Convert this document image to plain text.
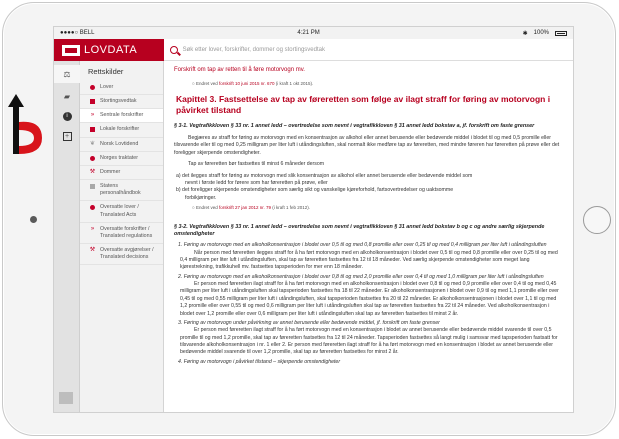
●●●●○ BELL	4:21 PM	✱ 100%
LOVDATA	Søk etter lover, forskrifter, dommer og stortingsvedtak
⚖
▰
i
+
Rettskilder
Lover
Stortingsvedtak
»	Sentrale forskrifter
Lokale forskrifter
❦ Norsk Lovtidend
Norges traktater
⚒ Dommer
Statens personalhåndbok
Oversatte lover / Translated Acts
»	Oversatte forskrifter / Translated regulations
⚒ Oversatte avgjørelser / Translated decisions
Forskrift om tap av retten til å føre motorvogn mv.
○ Endret ved forskrift 10 juni 2015 nr. 670 (i kraft 1 okt 2015).
Kapittel 3. Fastsettelse av tap av føreretten som følge av ilagt straff for føring av motorvogn i påvirket tilstand
§ 3-1. Vegtrafikkloven § 33 nr. 1 annet ledd – overtredelse som nevnt i vegtrafikkloven § 31 annet ledd bokstav a, jf. forskrift om faste grenser
Begjæres av straff for føring av motorvogn med en konsentrasjon av alkohol eller annet berusende eller bedøvende middel i blodet til og med 0,5 promille eller tilsvarende eller til og med 0,25 milligram per liter luft i utåndingsluften, skal normalt ikke medføre tap av føreretten, med mindre føreren har føreretten på prøve eller det foreligger skjerpende omstendigheter.
Tap av føreretten bør fastsettes til minst 6 måneder dersom
a) det ilegges straff for føring av motorvogn med slik konsentrasjon av alkohol eller annet berusende eller bedøvende middel som
nevnt i første ledd for førere som har føreretten på prøve, eller
b) det foreligger skjerpende omstendigheter som særlig sikt og vanskelige kjøreforhold, fartsovertredelser og uaktsomme
forbikjøringer.
○ Endret ved forskrift 27 jan 2012 nr. 79 (i kraft 1 feb 2012).
§ 3-2. Vegtrafikkloven § 33 nr. 1 annet ledd – overtredelse som nevnt i vegtrafikkloven § 31 annet ledd bokstav b og c og andre særlig skjerpende omstendigheter
1. Føring av motorvogn med en alkoholkonsentrasjon i blodet over 0,5 til og med 0,8 promille eller over 0,25 til og med 0,4 milligram per liter luft i utåndingsluften
Når person med føreretten ilegges straff for å ha ført motorvogn med en alkoholkonsentrasjon i blodet over 0,5 til og med 0,8 promille eller over 0,25 til og med 0,4 milligram per liter luft i utåndingsluften, skal tap av føreretten fastsettes fra 12 til 18 måneder. Ved særlig skjerpende omstendigheter som meget lang kjørestrekning, trafikkuhell mv. fastsettes tapsperioden for mer enn 18 måneder.
2. Føring av motorvogn med en alkoholkonsentrasjon i blodet over 0,8 til og med 2,0 promille eller over 0,4 til og med 1,0 milligram per liter luft i utåndingsluften
Er person med føreretten ilagt straff for å ha ført motorvogn med en alkoholkonsentrasjon i blodet over 0,8 til og med 0,9 promille eller over 0,4 til og med 0,45 milligram per liter luft i utåndingsluften skal tapsperioden fastsettes fra 18 til 22 måneder. Er alkoholkonsentrasjonen i blodet over 0,9 til og med 1,1 promille eller over 0,45 til og med 0,55 milligram per liter luft i utåndingsluften, skal tapsperioden fastsettes fra 20 til 22 måneder. Er alkoholkonsentrasjonen i blodet over 1,1 til og med 1,2 promille eller over 0,55 til og med 0,6 milligram per liter luft i utåndingsluften skal tap av føreretten fastsettes fra 22 til 24 måneder. Ved alkoholkonsentrasjon i blodet over 1,2 promille eller over 0,6 milligram per liter luft i utåndingsluften skal tap av føreretten fastsettes til minst 2 år.
3. Føring av motorvogn under påvirkning av annet berusende eller bedøvende middel, jf. forskrift om faste grenser
Er person med føreretten ilagt straff for å ha ført motorvogn med en konsentrasjon i blodet av annet berusende eller bedøvende middel svarende til over 0,5 promille til og med 1,2 promille, skal tap av føreretten fastsettes fra 12 til 24 måneder. Tapsperioden fastsettes så langt mulig i samsvar med tapsperioden fastsatt for tilsvarende alkoholkonsentrasjon i nr. 1 eller 2. Er person med føreretten ilagt straff for å ha ført motorvogn med en konsentrasjon i blodet av annet berusende eller bedøvende middel svarende til over 1,2 promille, skal tap av føreretten fastsettes for minst 2 år.
4. Føring av motorvogn i påvirket tilstand – skjerpende omstendigheter
